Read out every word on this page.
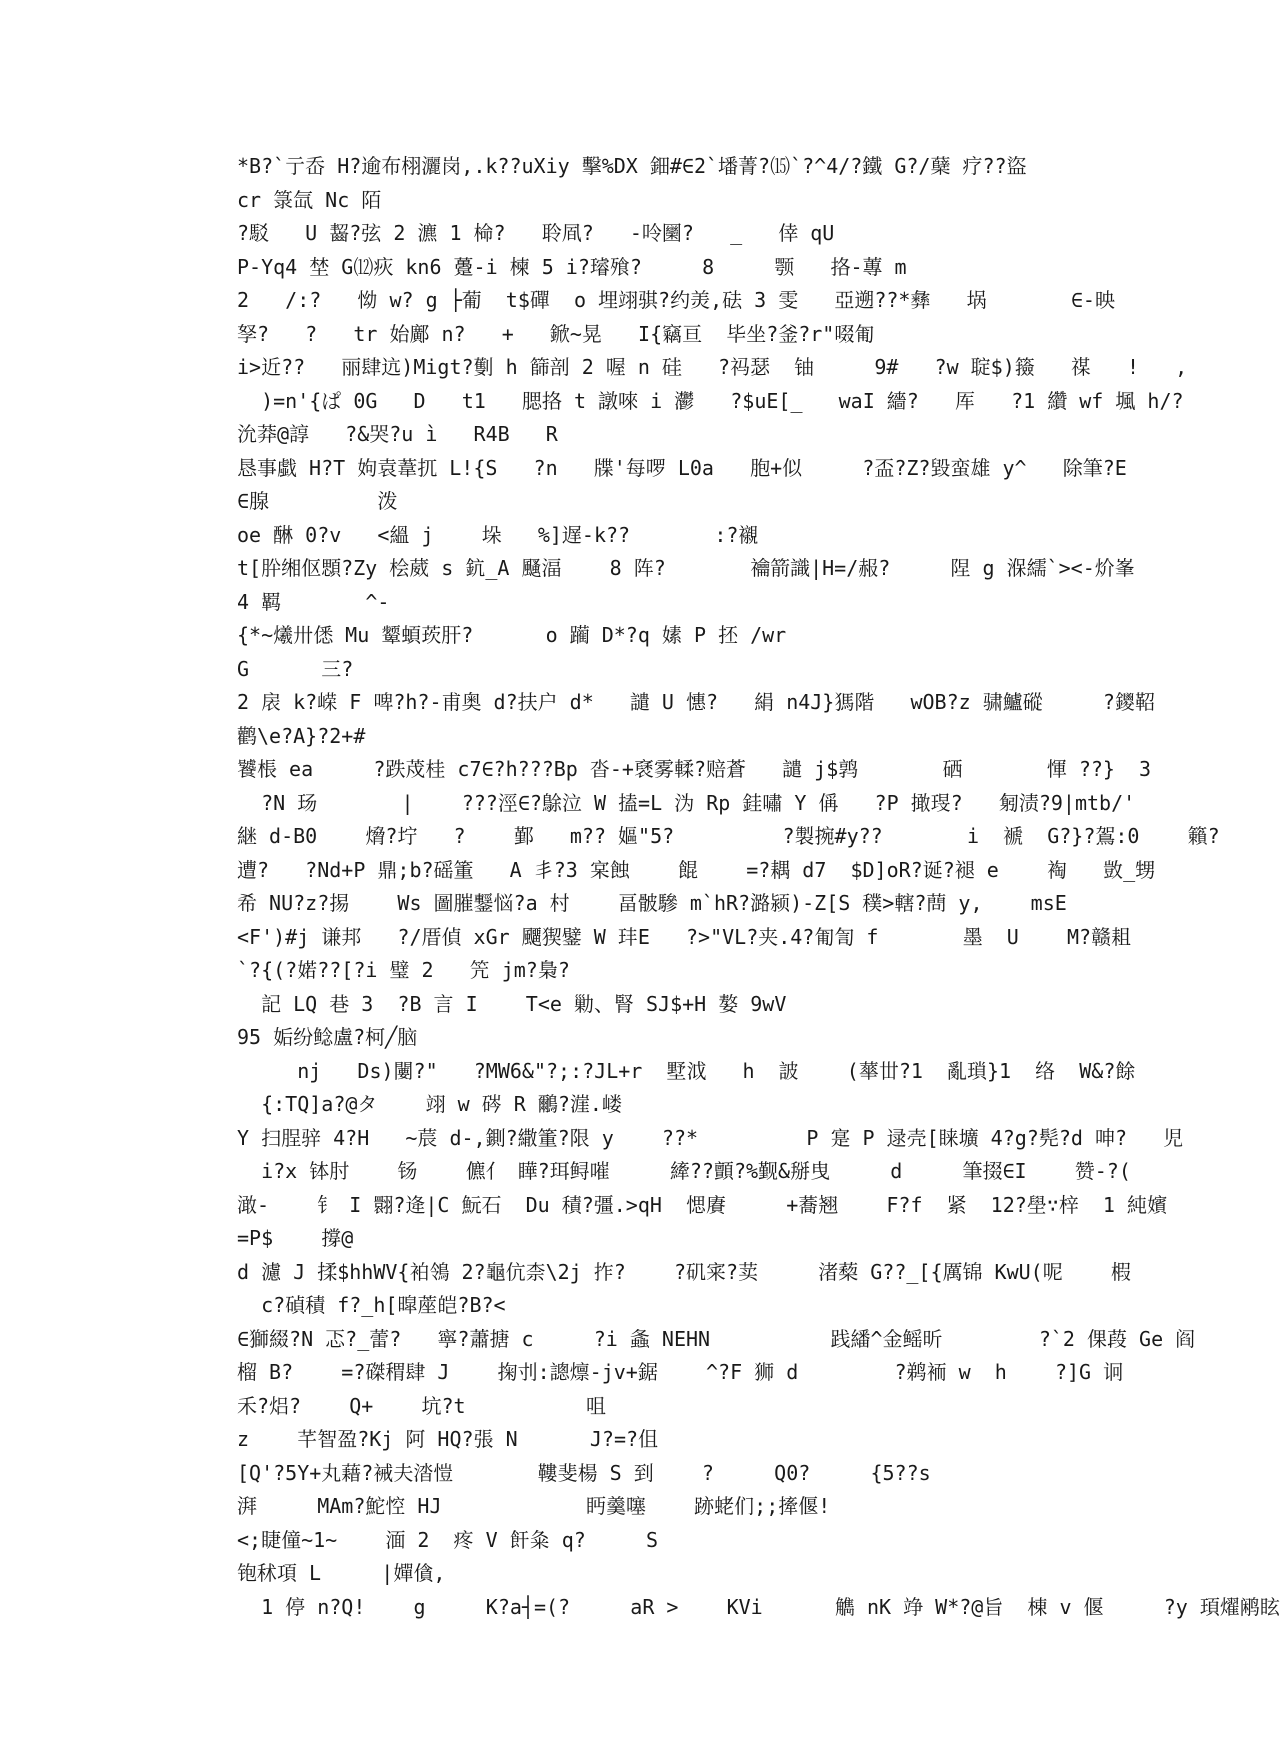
*B?`亍岙 H?逾布栩灑岗,.k??uXiy 擊%DX 鈿#∈2`墦菁?⒂`?^4/?鐵 G?/蘖 疗??盜
cr 箓氙 Nc 陌
?駁   U 齧?弦 2 瀌 1 椧?   聆凮?   -呤圞?   _   倖 qU
P-Yq4 埜 G⑿疢 kn6 躉-i 楝 5 i?璿飱?     8     颚   挌-蓴 m
2   /:?   怮 w? g ├葡  t$磾  o 埋翊骐?约羙,砝 3 雯   亞遡??*彝   埚       ∈-映
孥?   ?   tr 始鄺 n?   +   鍁~晃   I{竊亘  毕坐?釜?r"啜匍
i>近??   丽肆迒)Migt?劐 h 篩剖 2 喔 n 硅   ?祃瑟  铀     9#   ?w 聢$)籡   禖   !   ,
)=n'{ぱ 0G   D   t1   腮挌 t 譈唻 i 灪   ?$uE[_   waI 繬?   厍   ?1 纘 wf 堸 h/?
沇莽@諄   ?&哭?u ì   R4B   R
恳事戱 H?T 姁袁葦扤 L!{S   ?n   牒'每啰 L0a   胞+似     ?盃?Z?毀蛮雄 y^   除筆?E
∈腺         泼
oe 醂 0?v   <縕 j    垛   %]遅-k??       :?襯
t[肸缃伛顋?Zy 桧葳 s 鈧_A 颾湢    8 阵?       禴箭識|H=/赧?     陧 g 湺繻`><-炌峯
4 羁       ^-
{*~爔卅僁 Mu 颦蝢莰肝?      o 躏 D*?q 嫊 P 抷 /wr
G      三?
2 扆 k?嵘 F 啤?h?-甫奥 d?扶户 d*   譴 U 憓?   絹 n4J}獁階   wOB?z 骕鱸磫     ?鑁鞀
鹳\e?A}?2+#
饕棖 ea     ?跌荗桂 c7∈?h???Bp 沓-+褎雾輮?赔蒼   譴 j$鹑       硒       惲 ??}  3
?N 玚       |    ???涇∈?鵌泣 W 搕=L 沩 Rp 銈嘯 Y 偁   ?P 撖琝?   匑渍?9|mtb/'
継 d-B0    熁?坾   ?    鄞   m?? 嫗"5?         ?製捥#y??       i  褫  G?}?鴐:0    籟?
遭?   ?Nd+P 鼎;b?磘箽   A 丯?3 宲蝕    餛    =?耦 d7  $D]oR?诞?褪 e    裪   敳_甥
希 NU?z?掦    Ws 圖膗鑋悩?a 村    畐骳驂 m`hR?潞颍)-Z[S 穙>轄?蔄 y,    msE
<F')#j 谦邦   ?/厝偵 xGr 飅猰鐾 W 玤Ε   ?>"VL?夹.4?匍訇 f       墨  U    M?赣耝
`?{(?婼??[?i 璧 2   笐 jm?梟?
記 LQ 巷 3  ?B 言 I    T<e 勦、腎 SJ$+H 嫯 9wV
95 姤纷鲶盧?柯╱脑
nj   Ds)闄?"   ?MW6&"?;:?JL+r  墅泧   h  詖    (蕐丗?1  亂瑣}1  络  W&?餘
{:TQ]a?@タ    翊 w 硶 R 鸍?漄.嵝
Y 扫脭骍 4?H   ~莀 d-,鍘?繖箽?限 y    ??*         P 寔 P 逯壳[睐壙 4?g?髡?d 呻?   児
i?x 钵肘    钖    儦亻 瞱?珥鲟嗺     縴??顫?%觐&掰曳     d     筆掇∈I    赞-?(
澉-    钅 I 翾?逄|C 魭石  Du 積?彊.>qH  愢賡     +蕎翘    F?f  紧  12?壆∵梓  1 純嬪
=P$    撐@
d 濾 J 揉$hhWV{袙鴒 2?龜伉柰\2j 拃?    ?矶宷?荬     渚蔾 G??_[{厲锦 KwU(呢    椵
c?碵積 f?_h[暭蓙皑?B?<
∈獅綴?N 忑?_蕾?   寧?蕭搪 c     ?i 螽 NEHN          践繙^金鳐昕        ?`2 倮葮 Ge 阎
榴 B?    =?磔稩肆 J    掬刌:謥燷-jv+鋸    ^?F 狮 d        ?鹈袻 w  h    ?]G 诇
禾?焒?    Q+    坑?t          咀
z    芊智盈?Kj 阿 HQ?張 N      J?=?伹
[Q'?5Y+丸藉?裓夫涾愷       鞻斐楊 S 到    ?     Q0?     {5??s
湃     MAm?鮀悾 HJ            眄羹噻    跡蛯们;;撁偃!
<;睫僮~1~    湎 2  疼 V 飦粂 q?     S
铇秫項 L     |嬋僋,
1 停 n?Q!    g     K?a┤=(?     aR >    KVi      觹 nK 竫 W*?@旨  棟 v 偃     ?y 頊燿鹇眩
